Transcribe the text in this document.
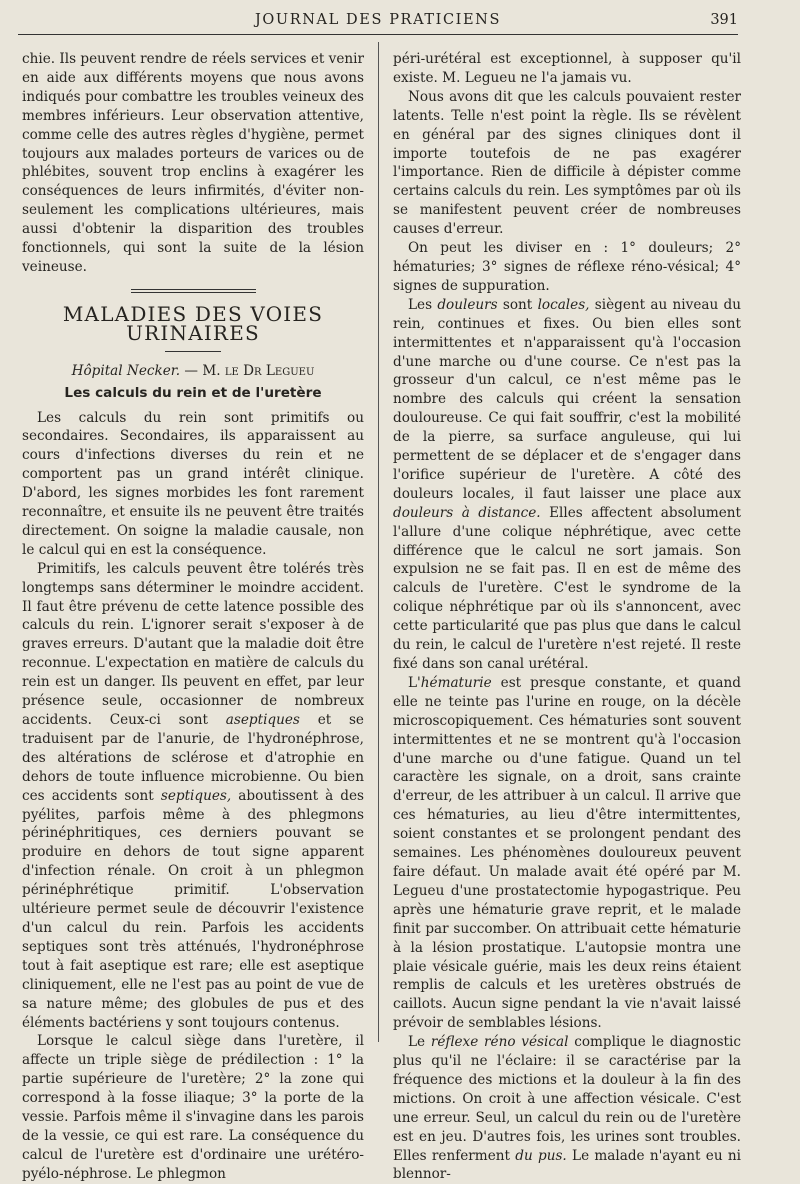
JOURNAL DES PRATICIENS	391

chie. Ils peuvent rendre de réels services et venir en aide aux différents moyens que nous avons indiqués pour combattre les troubles veineux des membres inférieurs. Leur observation attentive, comme celle des autres règles d'hygiène, permet toujours aux malades porteurs de varices ou de phlébites, souvent trop enclins à exagérer les conséquences de leurs infirmités, d'éviter non-seulement les complications ultérieures, mais aussi d'obtenir la disparition des troubles fonctionnels, qui sont la suite de la lésion veineuse.

MALADIES DES VOIES URINAIRES

Hôpital Necker. — M. le Dr Legueu

Les calculs du rein et de l'uretère

Les calculs du rein sont primitifs ou secondaires. Secondaires, ils apparaissent au cours d'infections diverses du rein et ne comportent pas un grand intérêt clinique. D'abord, les signes morbides les font rarement reconnaître, et ensuite ils ne peuvent être traités directement. On soigne la maladie causale, non le calcul qui en est la conséquence.

Primitifs, les calculs peuvent être tolérés très longtemps sans déterminer le moindre accident. Il faut être prévenu de cette latence possible des calculs du rein. L'ignorer serait s'exposer à de graves erreurs. D'autant que la maladie doit être reconnue. L'expectation en matière de calculs du rein est un danger. Ils peuvent en effet, par leur présence seule, occasionner de nombreux accidents. Ceux-ci sont aseptiques et se traduisent par de l'anurie, de l'hydronéphrose, des altérations de sclérose et d'atrophie en dehors de toute influence microbienne. Ou bien ces accidents sont septiques, aboutissent à des pyélites, parfois même à des phlegmons périnéphritiques, ces derniers pouvant se produire en dehors de tout signe apparent d'infection rénale. On croit à un phlegmon périnéphrétique primitif. L'observation ultérieure permet seule de découvrir l'existence d'un calcul du rein. Parfois les accidents septiques sont très atténués, l'hydronéphrose tout à fait aseptique est rare; elle est aseptique cliniquement, elle ne l'est pas au point de vue de sa nature même; des globules de pus et des éléments bactériens y sont toujours contenus.

Lorsque le calcul siège dans l'uretère, il affecte un triple siège de prédilection : 1° la partie supérieure de l'uretère; 2° la zone qui correspond à la fosse iliaque; 3° la porte de la vessie. Parfois même il s'invagine dans les parois de la vessie, ce qui est rare. La conséquence du calcul de l'uretère est d'ordinaire une urétéro-pyélo-néphrose. Le phlegmon

péri-urétéral est exceptionnel, à supposer qu'il existe. M. Legueu ne l'a jamais vu.

Nous avons dit que les calculs pouvaient rester latents. Telle n'est point la règle. Ils se révèlent en général par des signes cliniques dont il importe toutefois de ne pas exagérer l'importance. Rien de difficile à dépister comme certains calculs du rein. Les symptômes par où ils se manifestent peuvent créer de nombreuses causes d'erreur.

On peut les diviser en : 1° douleurs; 2° hématuries; 3° signes de réflexe réno-vésical; 4° signes de suppuration.

Les douleurs sont locales, siègent au niveau du rein, continues et fixes. Ou bien elles sont intermittentes et n'apparaissent qu'à l'occasion d'une marche ou d'une course. Ce n'est pas la grosseur d'un calcul, ce n'est même pas le nombre des calculs qui créent la sensation douloureuse. Ce qui fait souffrir, c'est la mobilité de la pierre, sa surface anguleuse, qui lui permettent de se déplacer et de s'engager dans l'orifice supérieur de l'uretère. A côté des douleurs locales, il faut laisser une place aux douleurs à distance. Elles affectent absolument l'allure d'une colique néphrétique, avec cette différence que le calcul ne sort jamais. Son expulsion ne se fait pas. Il en est de même des calculs de l'uretère. C'est le syndrome de la colique néphrétique par où ils s'annoncent, avec cette particularité que pas plus que dans le calcul du rein, le calcul de l'uretère n'est rejeté. Il reste fixé dans son canal urétéral.

L'hématurie est presque constante, et quand elle ne teinte pas l'urine en rouge, on la décèle microscopiquement. Ces hématuries sont souvent intermittentes et ne se montrent qu'à l'occasion d'une marche ou d'une fatigue. Quand un tel caractère les signale, on a droit, sans crainte d'erreur, de les attribuer à un calcul. Il arrive que ces hématuries, au lieu d'être intermittentes, soient constantes et se prolongent pendant des semaines. Les phénomènes douloureux peuvent faire défaut. Un malade avait été opéré par M. Legueu d'une prostatectomie hypogastrique. Peu après une hématurie grave reprit, et le malade finit par succomber. On attribuait cette hématurie à la lésion prostatique. L'autopsie montra une plaie vésicale guérie, mais les deux reins étaient remplis de calculs et les uretères obstrués de caillots. Aucun signe pendant la vie n'avait laissé prévoir de semblables lésions.

Le réflexe réno vésical complique le diagnostic plus qu'il ne l'éclaire: il se caractérise par la fréquence des mictions et la douleur à la fin des mictions. On croit à une affection vésicale. C'est une erreur. Seul, un calcul du rein ou de l'uretère est en jeu. D'autres fois, les urines sont troubles. Elles renferment du pus. Le malade n'ayant eu ni blennor-
